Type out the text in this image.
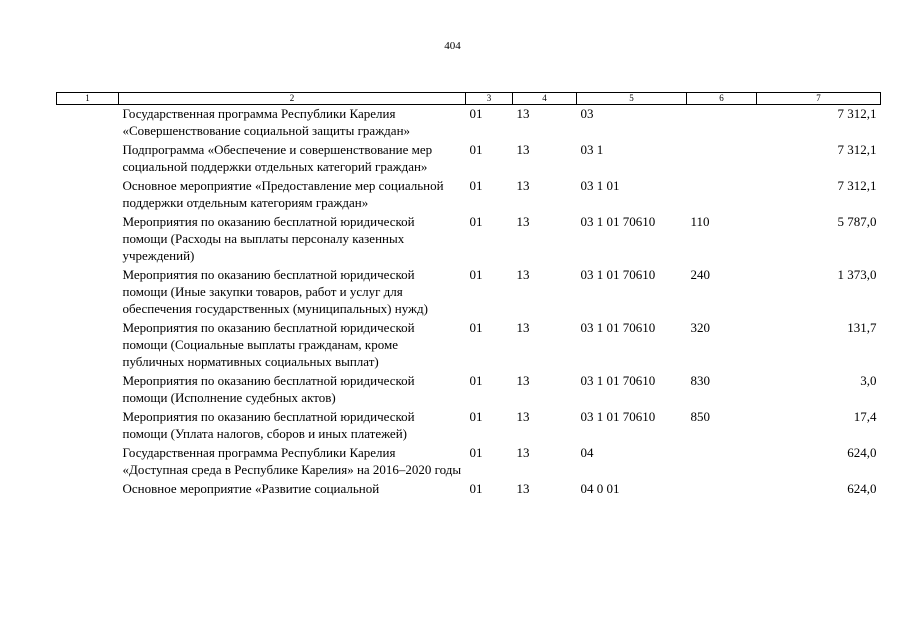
404
1	2	3	4	5	6	7
	Государственная программа Республики Карелия «Совершенствование социальной защиты граждан»	01	13	03		7 312,1
	Подпрограмма «Обеспечение и совершенствование мер социальной поддержки отдельных категорий граждан»	01	13	03 1		7 312,1
	Основное мероприятие «Предоставление мер социальной поддержки отдельным категориям граждан»	01	13	03 1 01		7 312,1
	Мероприятия по оказанию бесплатной юридической помощи (Расходы на выплаты персоналу казенных учреждений)	01	13	03 1 01 70610	110	5 787,0
	Мероприятия по оказанию бесплатной юридической помощи (Иные закупки товаров, работ и услуг для обеспечения государственных (муниципальных) нужд)	01	13	03 1 01 70610	240	1 373,0
	Мероприятия по оказанию бесплатной юридической помощи (Социальные выплаты гражданам, кроме публичных нормативных социальных выплат)	01	13	03 1 01 70610	320	131,7
	Мероприятия по оказанию бесплатной юридической помощи (Исполнение судебных актов)	01	13	03 1 01 70610	830	3,0
	Мероприятия по оказанию бесплатной юридической помощи (Уплата налогов, сборов и иных платежей)	01	13	03 1 01 70610	850	17,4
	Государственная программа Республики Карелия «Доступная среда в Республике Карелия» на 2016–2020 годы	01	13	04		624,0
	Основное мероприятие «Развитие социальной	01	13	04 0 01		624,0
